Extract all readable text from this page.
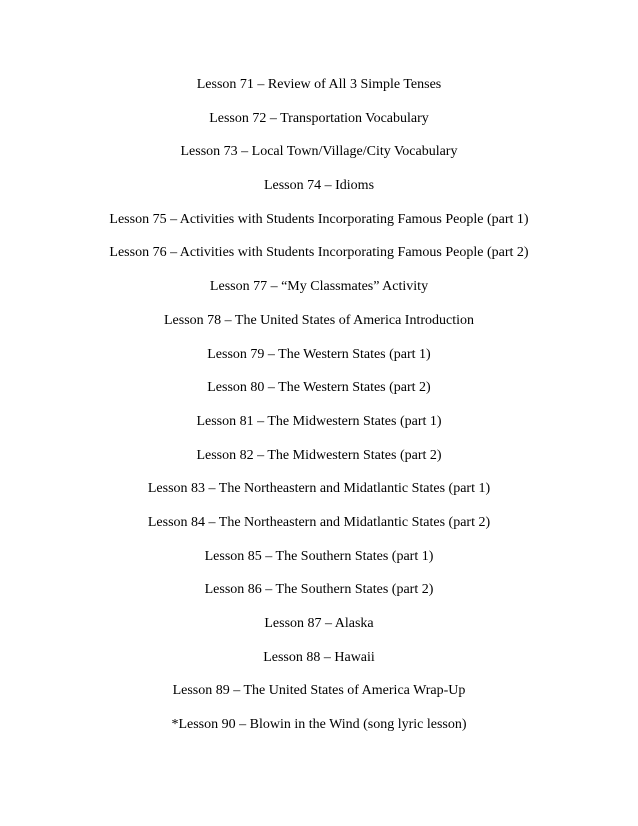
Lesson 71 – Review of All 3 Simple Tenses
Lesson 72 – Transportation Vocabulary
Lesson 73 – Local Town/Village/City Vocabulary
Lesson 74 – Idioms
Lesson 75 – Activities with Students Incorporating Famous People (part 1)
Lesson 76 – Activities with Students Incorporating Famous People (part 2)
Lesson 77 – “My Classmates” Activity
Lesson 78 – The United States of America Introduction
Lesson 79 – The Western States (part 1)
Lesson 80 – The Western States (part 2)
Lesson 81 – The Midwestern States (part 1)
Lesson 82 – The Midwestern States (part 2)
Lesson 83 – The Northeastern and Midatlantic States (part 1)
Lesson 84 – The Northeastern and Midatlantic States (part 2)
Lesson 85 – The Southern States (part 1)
Lesson 86 – The Southern States (part 2)
Lesson 87 – Alaska
Lesson 88 – Hawaii
Lesson 89 – The United States of America Wrap-Up
*Lesson 90 – Blowin in the Wind (song lyric lesson)
